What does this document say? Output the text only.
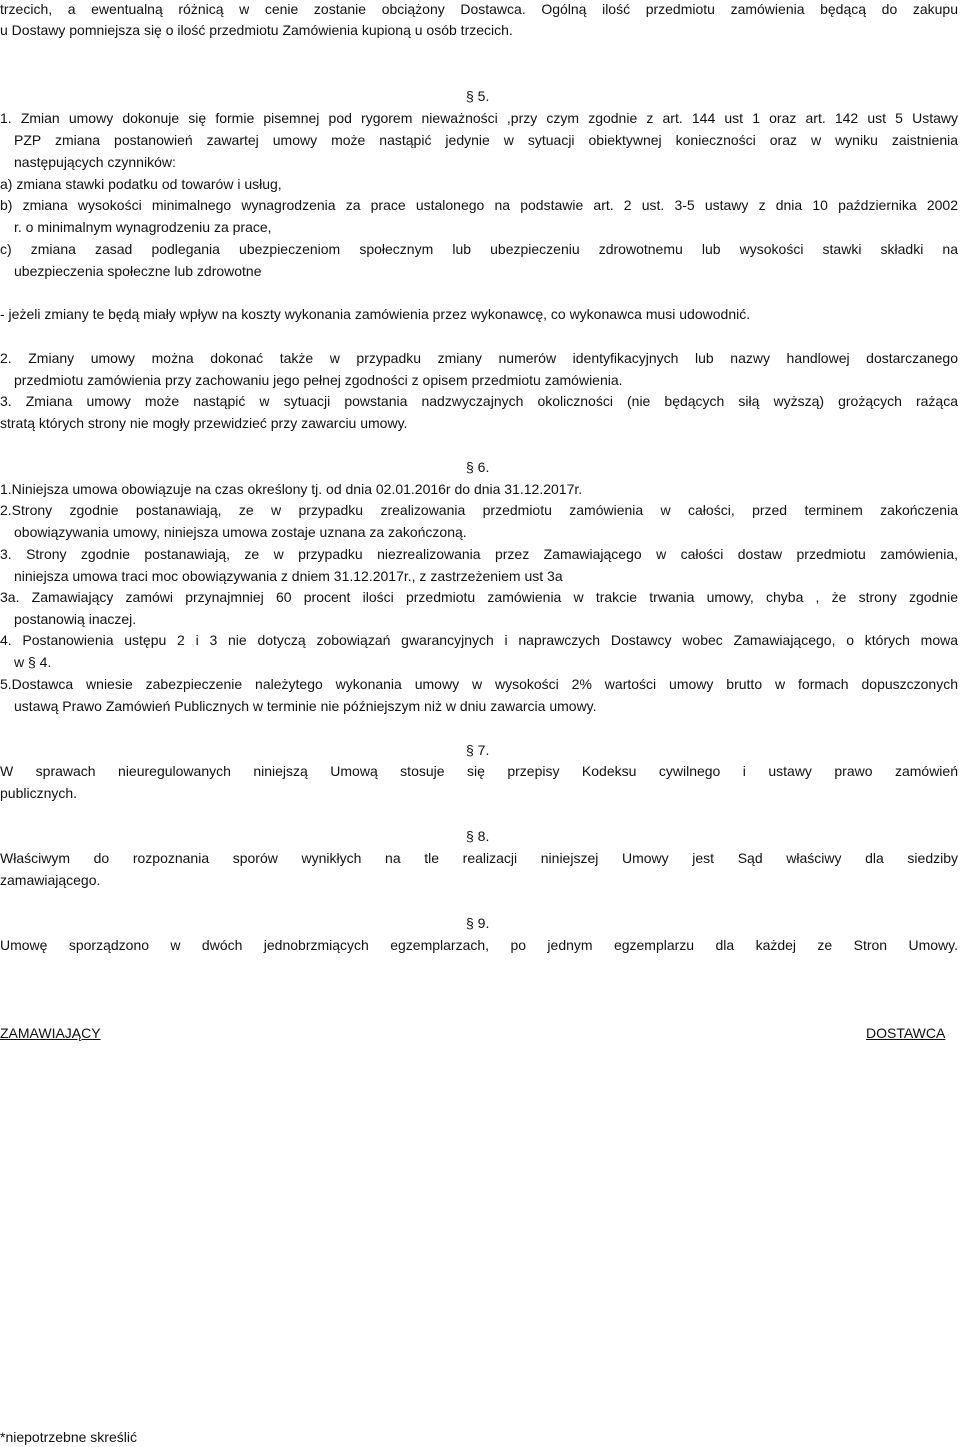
trzecich, a ewentualną różnicą w cenie zostanie obciążony Dostawca. Ogólną ilość przedmiotu zamówienia będącą do zakupu
u Dostawy pomniejsza się o ilość przedmiotu Zamówienia kupioną u osób trzecich.
§ 5.
1. Zmian umowy dokonuje się formie pisemnej pod rygorem nieważności ,przy czym zgodnie z art. 144 ust 1 oraz art. 142 ust 5 Ustawy
PZP zmiana postanowień zawartej umowy może nastąpić jedynie w sytuacji obiektywnej konieczności oraz w wyniku zaistnienia
następujących czynników:
a) zmiana stawki podatku od towarów i usług,
b) zmiana wysokości minimalnego wynagrodzenia za prace ustalonego na podstawie art. 2 ust. 3-5 ustawy z dnia 10 października 2002
r. o minimalnym wynagrodzeniu za prace,
c) zmiana zasad podlegania ubezpieczeniom społecznym lub ubezpieczeniu zdrowotnemu lub wysokości stawki składki na
ubezpieczenia społeczne lub zdrowotne
- jeżeli zmiany te będą miały wpływ na koszty wykonania zamówienia przez wykonawcę, co wykonawca musi udowodnić.
2. Zmiany umowy można dokonać także w przypadku zmiany numerów identyfikacyjnych lub nazwy handlowej dostarczanego
przedmiotu zamówienia przy zachowaniu jego pełnej zgodności z opisem przedmiotu zamówienia.
3. Zmiana umowy może nastąpić w sytuacji powstania nadzwyczajnych okoliczności (nie będących siłą wyższą) grożących rażąca
stratą których strony nie mogły przewidzieć przy zawarciu umowy.
§ 6.
1.Niniejsza umowa obowiązuje na czas określony tj. od dnia 02.01.2016r do dnia 31.12.2017r.
2.Strony zgodnie postanawiają, ze w przypadku zrealizowania przedmiotu zamówienia w całości, przed terminem zakończenia
obowiązywania umowy, niniejsza umowa zostaje uznana za zakończoną.
3. Strony zgodnie postanawiają, ze w przypadku niezrealizowania przez Zamawiającego w całości dostaw przedmiotu zamówienia,
niniejsza umowa traci moc obowiązywania z dniem 31.12.2017r., z zastrzeżeniem ust 3a
3a. Zamawiający zamówi przynajmniej 60 procent ilości przedmiotu zamówienia w trakcie trwania umowy, chyba , że strony zgodnie
postanowią inaczej.
4. Postanowienia ustępu 2 i 3 nie dotyczą zobowiązań gwarancyjnych i naprawczych Dostawcy wobec Zamawiającego, o których mowa
w § 4.
5.Dostawca wniesie zabezpieczenie należytego wykonania umowy w wysokości 2% wartości umowy brutto w formach dopuszczonych
ustawą Prawo Zamówień Publicznych w terminie nie późniejszym niż w dniu zawarcia umowy.
§ 7.
W sprawach nieuregulowanych niniejszą Umową stosuje się przepisy Kodeksu cywilnego i ustawy prawo zamówień
publicznych.
§ 8.
Właściwym do rozpoznania sporów wynikłych na tle realizacji niniejszej Umowy jest Sąd właściwy dla siedziby
zamawiającego.
§ 9.
Umowę sporządzono w dwóch jednobrzmiących egzemplarzach, po jednym egzemplarzu dla każdej ze Stron Umowy.
ZAMAWIAJĄCY	DOSTAWCA
*niepotrzebne skreślić
